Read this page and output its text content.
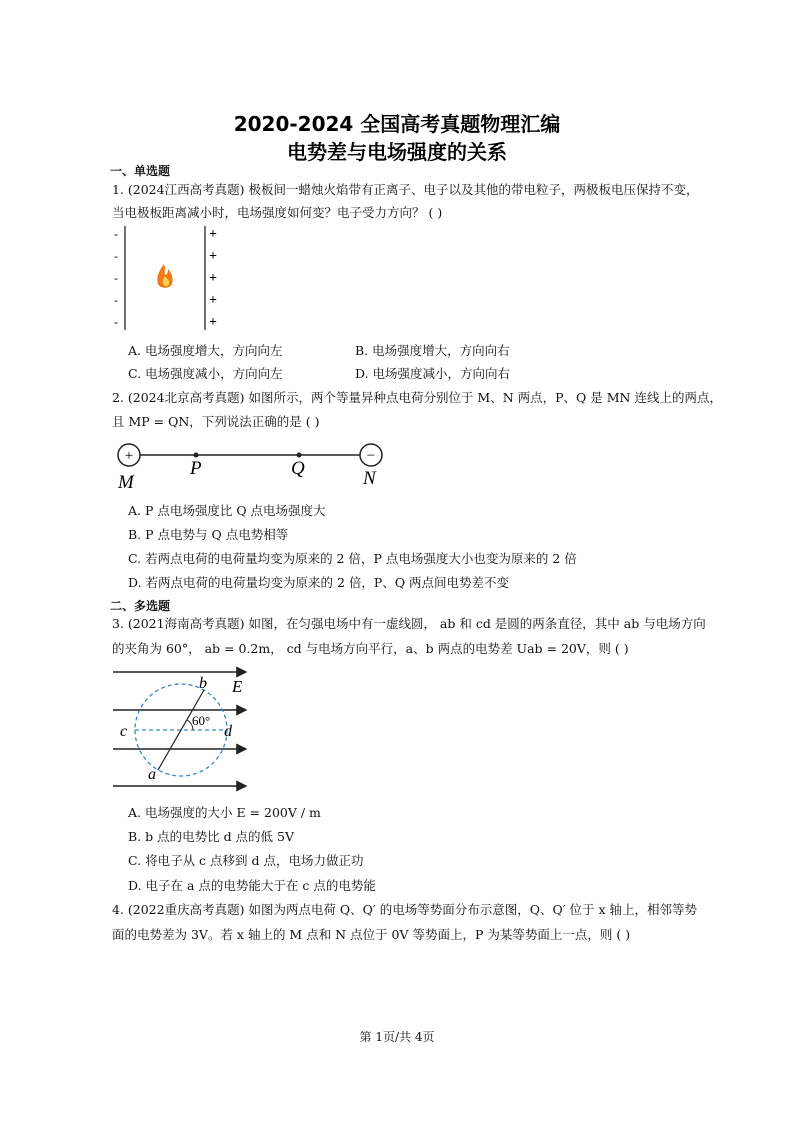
2020-2024 全国高考真题物理汇编
电势差与电场强度的关系
一、单选题
1. (2024江西高考真题) 极板间一蜡烛火焰带有正离子、电子以及其他的带电粒子，两极板电压保持不变，
当电极板距离减小时，电场强度如何变？电子受力方向？ ( )
-
-
-
-
-
+
+
+
+
+
A. 电场强度增大，方向向左	B. 电场强度增大，方向向右
C. 电场强度减小，方向向左	D. 电场强度减小，方向向右
2. (2024北京高考真题) 如图所示，两个等量异种点电荷分别位于 M、N 两点，P、Q 是 MN 连线上的两点，
且 MP = QN，下列说法正确的是 ( )
+	−
M	N
P	Q
A. P 点电场强度比 Q 点电场强度大
B. P 点电势与 Q 点电势相等
C. 若两点电荷的电荷量均变为原来的 2 倍，P 点电场强度大小也变为原来的 2 倍
D. 若两点电荷的电荷量均变为原来的 2 倍，P、Q 两点间电势差不变
二、多选题
3. (2021海南高考真题) 如图，在匀强电场中有一虚线圆， ab 和 cd 是圆的两条直径，其中 ab 与电场方向
的夹角为 60°， ab = 0.2m， cd 与电场方向平行，a、b 两点的电势差 Uab = 20V，则 ( )
E
b
c	d
a
60°
A. 电场强度的大小 E = 200V / m
B. b 点的电势比 d 点的低 5V
C. 将电子从 c 点移到 d 点，电场力做正功
D. 电子在 a 点的电势能大于在 c 点的电势能
4. (2022重庆高考真题) 如图为两点电荷 Q、Q′ 的电场等势面分布示意图，Q、Q′ 位于 x 轴上，相邻等势
面的电势差为 3V。若 x 轴上的 M 点和 N 点位于 0V 等势面上，P 为某等势面上一点，则 ( )
第 1页/共 4页
